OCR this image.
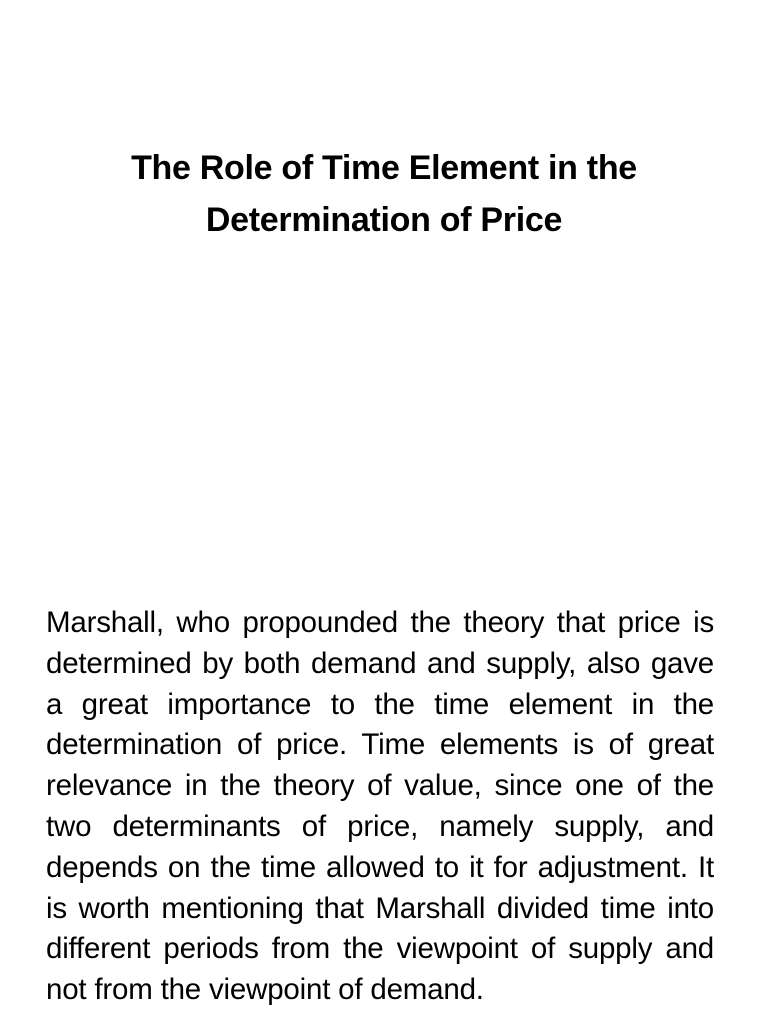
The Role of Time Element in the Determination of Price

Marshall, who propounded the theory that price is determined by both demand and supply, also gave a great importance to the time element in the determination of price. Time elements is of great relevance in the theory of value, since one of the two determinants of price, namely supply, and depends on the time allowed to it for adjustment. It is worth mentioning that Marshall divided time into different periods from the viewpoint of supply and not from the viewpoint of demand.
